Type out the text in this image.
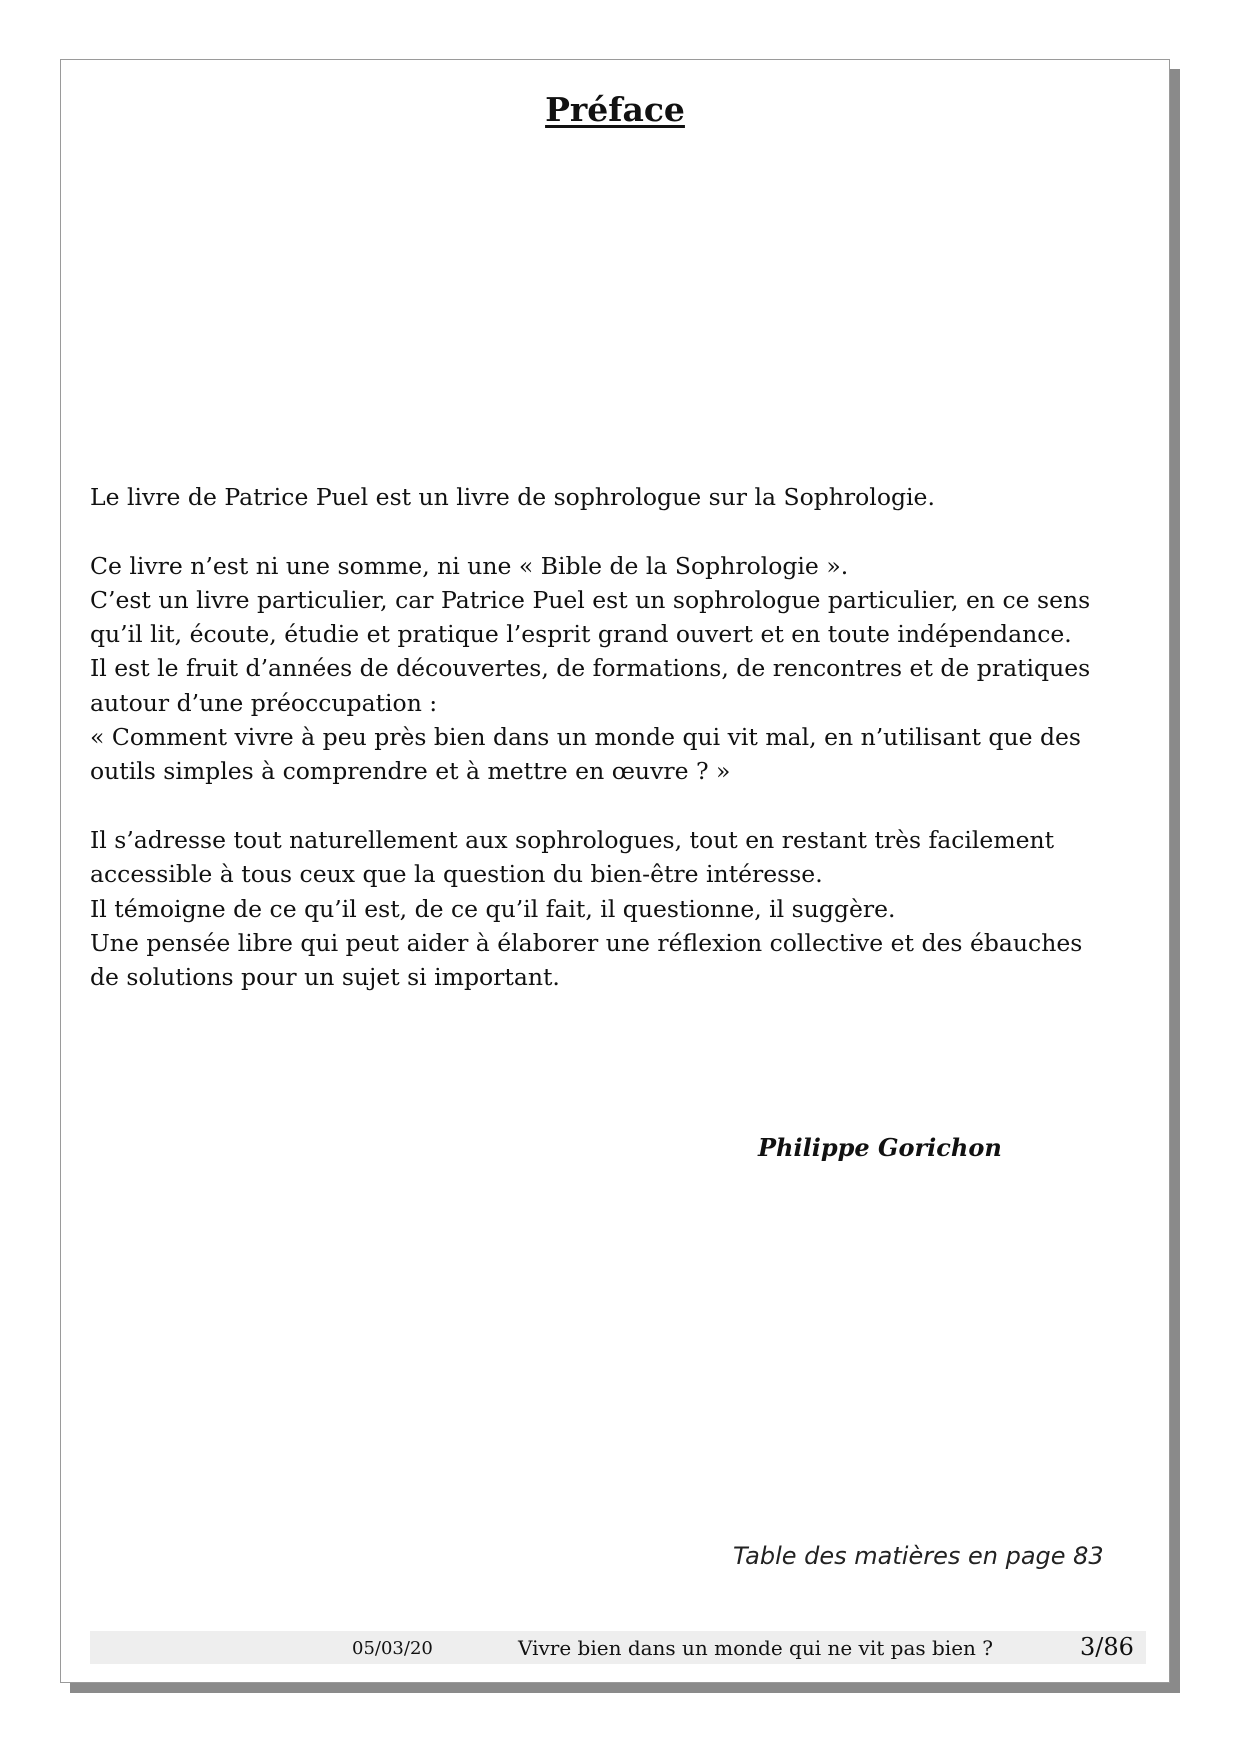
Préface

Le livre de Patrice Puel est un livre de sophrologue sur la Sophrologie.

Ce livre n’est ni une somme, ni une « Bible de la Sophrologie ».

C’est un livre particulier, car Patrice Puel est un sophrologue particulier, en ce sens

qu’il lit, écoute, étudie et pratique l’esprit grand ouvert et en toute indépendance.

Il est le fruit d’années de découvertes, de formations, de rencontres et de pratiques

autour d’une préoccupation :

« Comment vivre à peu près bien dans un monde qui vit mal, en n’utilisant que des

outils simples à comprendre et à mettre en œuvre ? »

Il s’adresse tout naturellement aux sophrologues, tout en restant très facilement

accessible à tous ceux que la question du bien-être intéresse.

Il témoigne de ce qu’il est, de ce qu’il fait, il questionne, il suggère.

Une pensée libre qui peut aider à élaborer une réflexion collective et des ébauches

de solutions pour un sujet si important.

Philippe Gorichon
Table des matières en page 83
05/03/20	Vivre bien dans un monde qui ne vit pas bien ?	3/86
